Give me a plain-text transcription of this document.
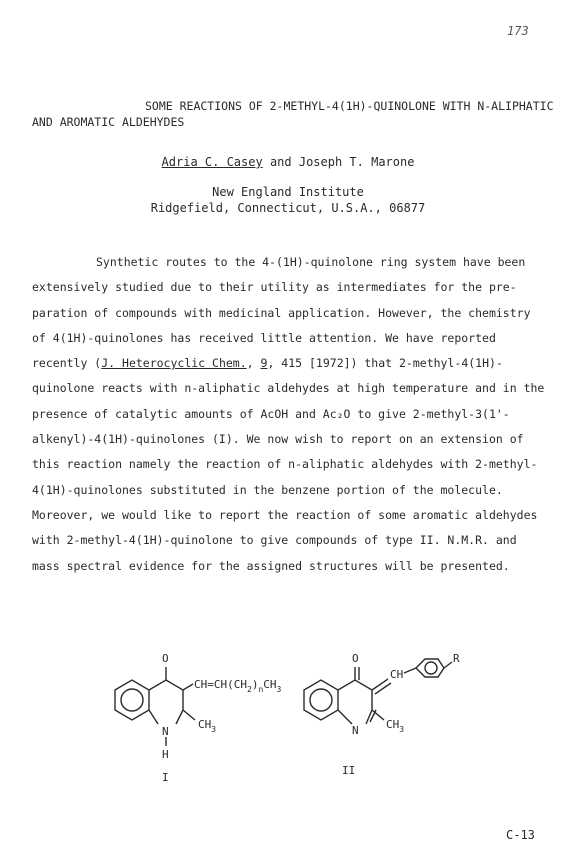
173
SOME REACTIONS OF 2-METHYL-4(1H)-QUINOLONE WITH N-ALIPHATIC
AND AROMATIC ALDEHYDES
Adria C. Casey and Joseph T. Marone
New England Institute
Ridgefield, Connecticut, U.S.A., 06877
Synthetic routes to the 4-(1H)-quinolone ring system have been
extensively studied due to their utility as intermediates for the pre-
paration of compounds with medicinal application. However, the chemistry
of 4(1H)-quinolones has received little attention. We have reported
recently (J. Heterocyclic Chem., 9, 415 [1972]) that 2-methyl-4(1H)-
quinolone reacts with n-aliphatic aldehydes at high temperature and in the
presence of catalytic amounts of AcOH and Ac₂O to give 2-methyl-3(1'-
alkenyl)-4(1H)-quinolones (I). We now wish to report on an extension of
this reaction namely the reaction of n-aliphatic aldehydes with 2-methyl-
4(1H)-quinolones substituted in the benzene portion of the molecule.
Moreover, we would like to report the reaction of some aromatic aldehydes
with 2-methyl-4(1H)-quinolone to give compounds of type II. N.M.R. and
mass spectral evidence for the assigned structures will be presented.
O
$CH=CH(CH_2)_nCH_3$
$CH_3$
N
H
I
O
CH
R
$CH_3$
N
II
C-13
